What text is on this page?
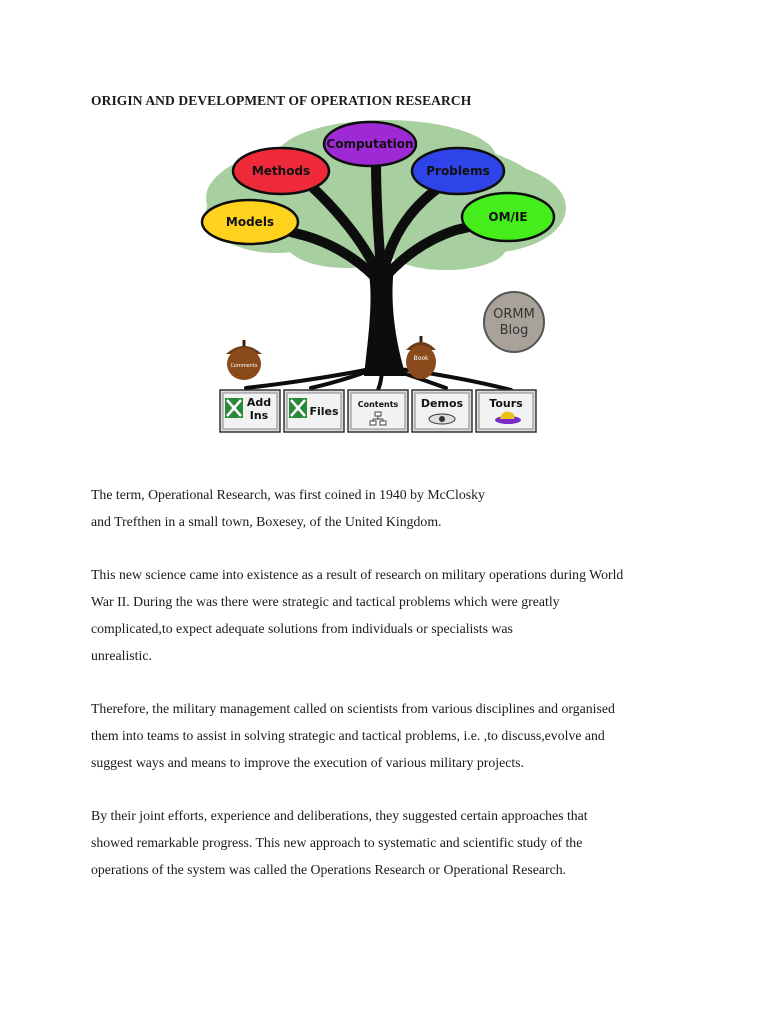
ORIGIN AND DEVELOPMENT OF OPERATION RESEARCH
Models
Methods
Computation
Problems
OM/IE
ORMM
Blog
Comments
Book
Add
Ins	Files
Contents Demos Tours

The term, Operational Research, was first coined in 1940 by McClosky
and Trefthen in a small town, Boxesey, of the United Kingdom.

This new science came into existence as a result of research on military operations during World
War II. During the was there were strategic and tactical problems which were greatly
complicated,to expect adequate solutions from individuals or specialists was
unrealistic.

Therefore, the military management called on scientists from various disciplines and organised
them into teams to assist in solving strategic and tactical problems, i.e. ,to discuss,evolve and
suggest ways and means to improve the execution of various military projects.

By their joint efforts, experience and deliberations, they suggested certain approaches that
showed remarkable progress. This new approach to systematic and scientific study of the
operations of the system was called the Operations Research or Operational Research.
